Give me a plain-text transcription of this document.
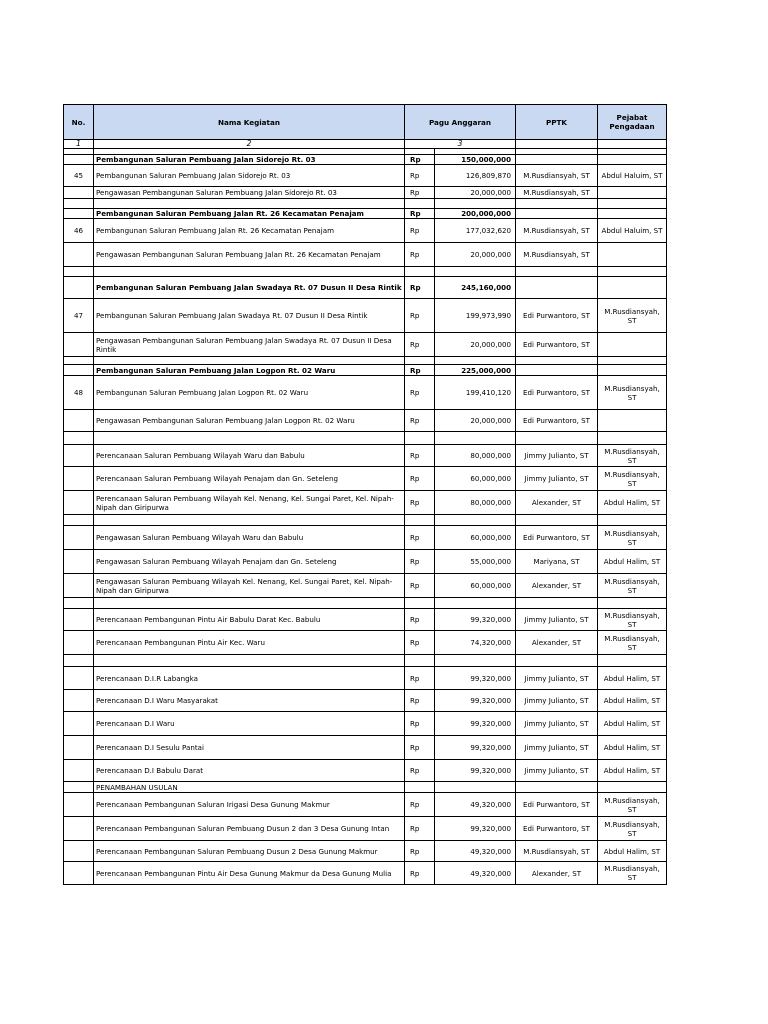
No.	Nama Kegiatan	Pagu Anggaran		PPTK	Pejabat Pengadaan
1	2	3			

	Pembangunan Saluran Pembuang Jalan Sidorejo Rt. 03	Rp	150,000,000		
45	Pembangunan Saluran Pembuang Jalan Sidorejo Rt. 03	Rp	126,809,870	M.Rusdiansyah, ST	Abdul Haluim, ST
	Pengawasan Pembangunan Saluran Pembuang Jalan Sidorejo Rt. 03	Rp	20,000,000	M.Rusdiansyah, ST	

	Pembangunan Saluran Pembuang Jalan Rt. 26 Kecamatan Penajam	Rp	200,000,000		
46	Pembangunan Saluran Pembuang Jalan Rt. 26 Kecamatan Penajam	Rp	177,032,620	M.Rusdiansyah, ST	Abdul Haluim, ST
	Pengawasan Pembangunan Saluran Pembuang Jalan Rt. 26 Kecamatan Penajam	Rp	20,000,000	M.Rusdiansyah, ST	

	Pembangunan Saluran Pembuang Jalan Swadaya Rt. 07 Dusun II Desa Rintik	Rp	245,160,000		
47	Pembangunan Saluran Pembuang Jalan Swadaya Rt. 07 Dusun II Desa Rintik	Rp	199,973,990	Edi Purwantoro, ST	M.Rusdiansyah, ST
	Pengawasan Pembangunan Saluran Pembuang Jalan Swadaya Rt. 07 Dusun II Desa Rintik	Rp	20,000,000	Edi Purwantoro, ST	

	Pembangunan Saluran Pembuang Jalan Logpon Rt. 02 Waru	Rp	225,000,000		
48	Pembangunan Saluran Pembuang Jalan Logpon Rt. 02 Waru	Rp	199,410,120	Edi Purwantoro, ST	M.Rusdiansyah, ST
	Pengawasan Pembangunan Saluran Pembuang Jalan Logpon Rt. 02 Waru	Rp	20,000,000	Edi Purwantoro, ST	

	Perencanaan Saluran Pembuang Wilayah Waru dan Babulu	Rp	80,000,000	Jimmy Julianto, ST	M.Rusdiansyah, ST
	Perencanaan Saluran Pembuang Wilayah Penajam dan Gn. Seteleng	Rp	60,000,000	Jimmy Julianto, ST	M.Rusdiansyah, ST
	Perencanaan Saluran Pembuang Wilayah Kel. Nenang, Kel. Sungai Paret, Kel. Nipah-Nipah dan Giripurwa	Rp	80,000,000	Alexander, ST	Abdul Halim, ST

	Pengawasan Saluran Pembuang Wilayah Waru dan Babulu	Rp	60,000,000	Edi Purwantoro, ST	M.Rusdiansyah, ST
	Pengawasan Saluran Pembuang Wilayah Penajam dan Gn. Seteleng	Rp	55,000,000	Mariyana, ST	Abdul Halim, ST
	Pengawasan Saluran Pembuang Wilayah Kel. Nenang, Kel. Sungai Paret, Kel. Nipah-Nipah dan Giripurwa	Rp	60,000,000	Alexander, ST	M.Rusdiansyah, ST

	Perencanaan Pembangunan Pintu Air Babulu Darat Kec. Babulu	Rp	99,320,000	Jimmy Julianto, ST	M.Rusdiansyah, ST
	Perencanaan Pembangunan Pintu Air Kec. Waru	Rp	74,320,000	Alexander, ST	M.Rusdiansyah, ST

	Perencanaan D.I.R Labangka	Rp	99,320,000	Jimmy Julianto, ST	Abdul Halim, ST
	Perencanaan D.I Waru Masyarakat	Rp	99,320,000	Jimmy Julianto, ST	Abdul Halim, ST
	Perencanaan D.I Waru	Rp	99,320,000	Jimmy Julianto, ST	Abdul Halim, ST
	Perencanaan D.I Sesulu Pantai	Rp	99,320,000	Jimmy Julianto, ST	Abdul Halim, ST
	Perencanaan D.I Babulu Darat	Rp	99,320,000	Jimmy Julianto, ST	Abdul Halim, ST
	PENAMBAHAN USULAN				
	Perencanaan Pembangunan Saluran Irigasi Desa Gunung Makmur	Rp	49,320,000	Edi Purwantoro, ST	M.Rusdiansyah, ST
	Perencanaan Pembangunan Saluran Pembuang Dusun 2 dan 3 Desa Gunung Intan	Rp	99,320,000	Edi Purwantoro, ST	M.Rusdiansyah, ST
	Perencanaan Pembangunan Saluran Pembuang Dusun 2 Desa Gunung Makmur	Rp	49,320,000	M.Rusdiansyah, ST	Abdul Halim, ST
	Perencanaan Pembangunan Pintu Air Desa Gunung Makmur da Desa Gunung Mulia	Rp	49,320,000	Alexander, ST	M.Rusdiansyah, ST
